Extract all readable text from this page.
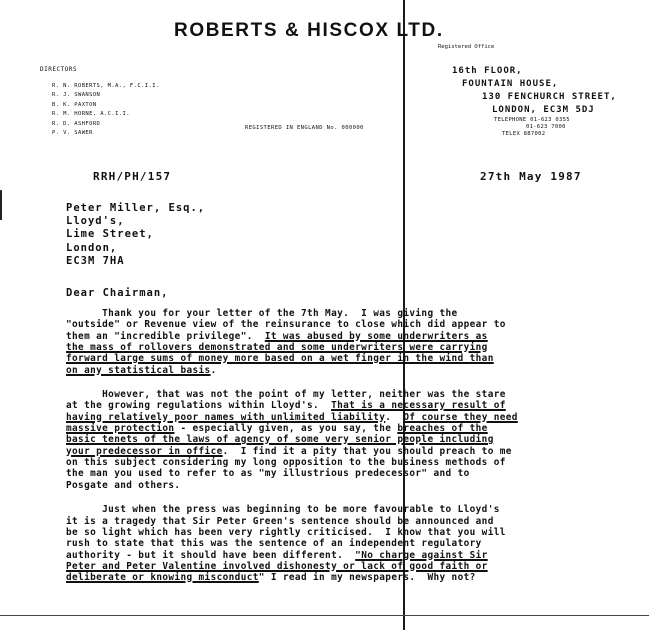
ROBERTS & HISCOX LTD.
DIRECTORS
R. N. ROBERTS, M.A., F.C.I.I.
R. J. SWANSON
B. K. PAXTON
R. M. HORNE, A.C.I.I.
R. D. ASHFORD
P. V. SAWER
REGISTERED IN ENGLAND No. 000000
Registered Office
16th FLOOR,
FOUNTAIN HOUSE,
130 FENCHURCH STREET,
LONDON, EC3M 5DJ
TELEPHONE 01-623 0355
01-623 7000
TELEX 887002
RRH/PH/157	27th May 1987
Peter Miller, Esq.,
Lloyd's,
Lime Street,
London,
EC3M 7HA
Dear Chairman,
Thank you for your letter of the 7th May.  I was giving the
"outside" or Revenue view of the reinsurance to close which did appear to
them an "incredible privilege".  It was abused by some underwriters as
the mass of rollovers demonstrated and some underwriters were carrying
forward large sums of money more based on a wet finger in the wind than
on any statistical basis.
However, that was not the point of my letter, neither was the stare
at the growing regulations within Lloyd's.  That is a necessary result of
having relatively poor names with unlimited liability.  Of course they need
massive protection - especially given, as you say, the breaches of the
basic tenets of the laws of agency of some very senior people including
your predecessor in office.  I find it a pity that you should preach to me
on this subject considering my long opposition to the business methods of
the man you used to refer to as "my illustrious predecessor" and to
Posgate and others.
Just when the press was beginning to be more favourable to Lloyd's
it is a tragedy that Sir Peter Green's sentence should be announced and
be so light which has been very rightly criticised.  I know that you will
rush to state that this was the sentence of an independent regulatory
authority - but it should have been different.  "No charge against Sir
Peter and Peter Valentine involved dishonesty or lack of good faith or
deliberate or knowing misconduct" I read in my newspapers.  Why not?
